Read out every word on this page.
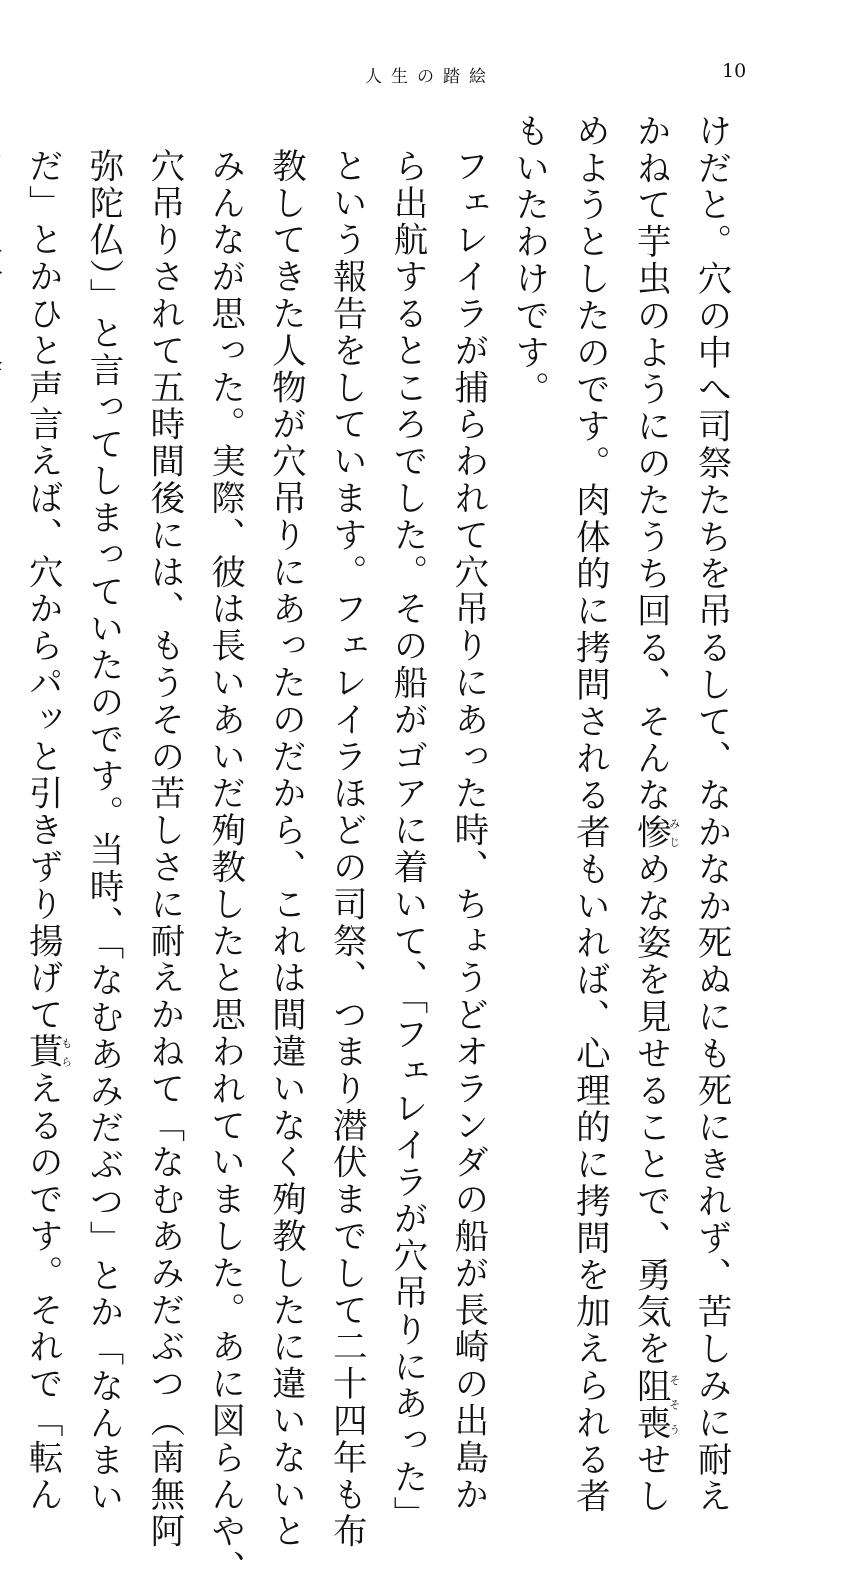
人生の踏絵	10

けだと。穴の中へ司祭たちを吊るして、なかなか死ぬにも死にきれず、苦しみに耐え
かねて芋虫のようにのたうち回る、そんな惨みじめな姿を見せることで、勇気を阻喪そそうせし
めようとしたのです。肉体的に拷問される者もいれば、心理的に拷問を加えられる者
もいたわけです。

フェレイラが捕らわれて穴吊りにあった時、ちょうどオランダの船が長崎の出島か
ら出航するところでした。その船がゴアに着いて、「フェレイラが穴吊りにあった」
という報告をしています。フェレイラほどの司祭、つまり潜伏までして二十四年も布
教してきた人物が穴吊りにあったのだから、これは間違いなく殉教したに違いないと
みんなが思った。実際、彼は長いあいだ殉教したと思われていました。あに図らんや、
穴吊りされて五時間後には、もうその苦しさに耐えかねて「なむあみだぶつ（南無阿
弥陀仏）」と言ってしまっていたのです。当時、「なむあみだぶつ」とか「なんまい
だ」とかひと声言えば、穴からパッと引きずり揚げて貰もらえるのです。それで「転ん
